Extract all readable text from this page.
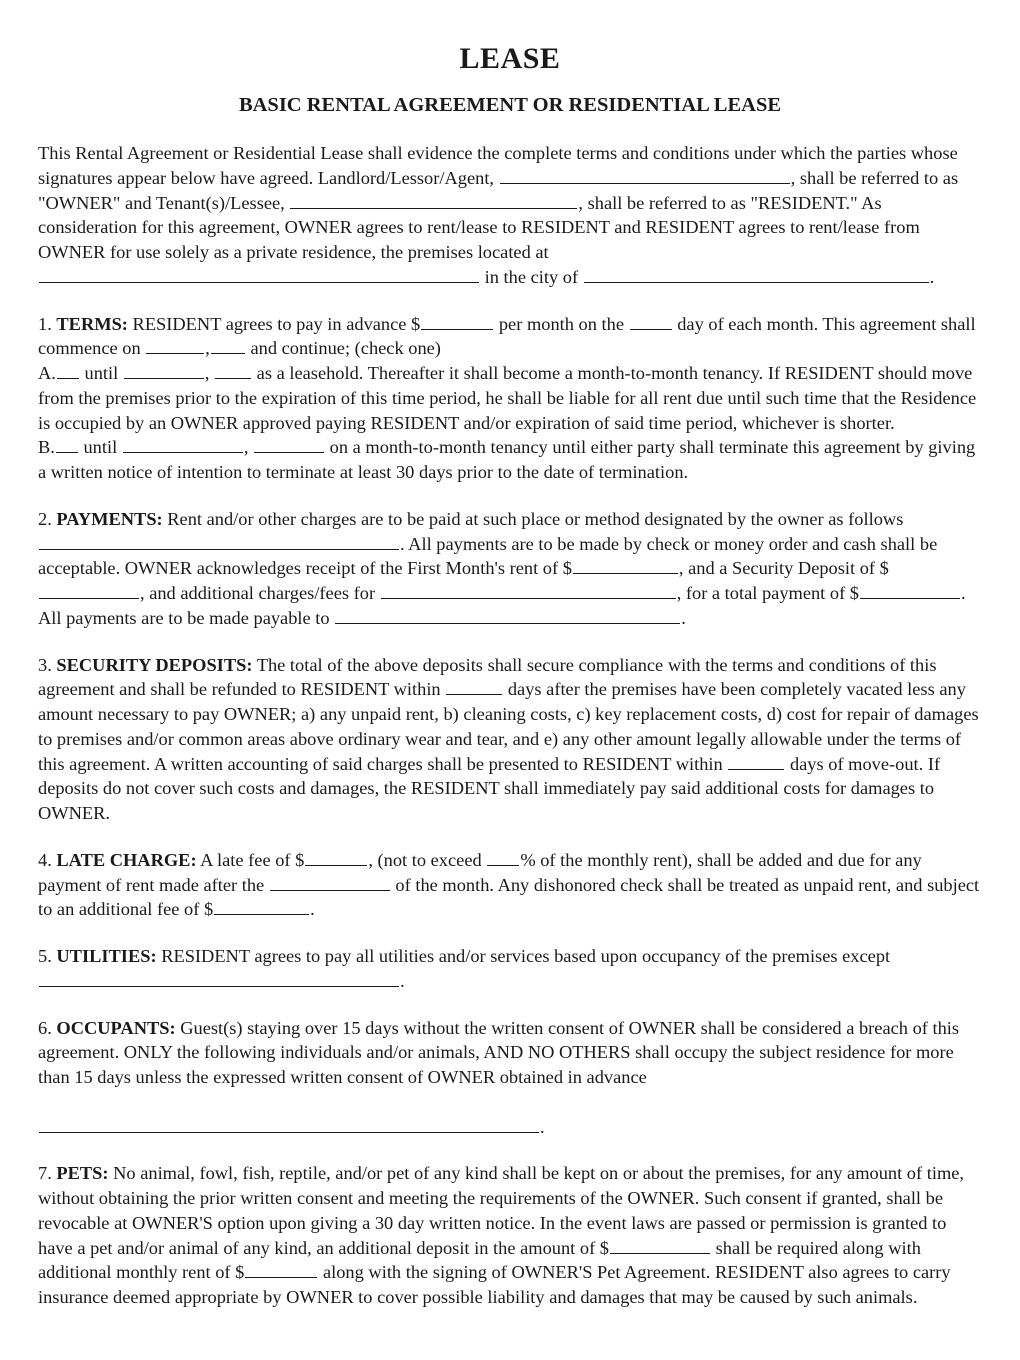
LEASE
BASIC RENTAL AGREEMENT OR RESIDENTIAL LEASE

This Rental Agreement or Residential Lease shall evidence the complete terms and conditions under which the parties whose signatures appear below have agreed. Landlord/Lessor/Agent,	, shall be referred to as "OWNER" and Tenant(s)/Lessee,	, shall be referred to as "RESIDENT." As consideration for this agreement, OWNER agrees to rent/lease to RESIDENT and RESIDENT agrees to rent/lease from OWNER for use solely as a private residence, the premises located at  in the city of	.

1. TERMS: RESIDENT agrees to pay in advance $	per month on the	day of each month. This agreement shall commence on	, and continue; (check one)
A. until	,	as a leasehold. Thereafter it shall become a month-to-month tenancy. If RESIDENT should move from the premises prior to the expiration of this time period, he shall be liable for all rent due until such time that the Residence is occupied by an OWNER approved paying RESIDENT and/or expiration of said time period, whichever is shorter.
B. until	,	on a month-to-month tenancy until either party shall terminate this agreement by giving a written notice of intention to terminate at least 30 days prior to the date of termination.

2. PAYMENTS: Rent and/or other charges are to be paid at such place or method designated by the owner as follows . All payments are to be made by check or money order and cash shall be acceptable. OWNER acknowledges receipt of the First Month's rent of $	, and a Security Deposit of $, and additional charges/fees for	, for a total payment of $	. All payments are to be made payable to	.

3. SECURITY DEPOSITS: The total of the above deposits shall secure compliance with the terms and conditions of this agreement and shall be refunded to RESIDENT within	days after the premises have been completely vacated less any amount necessary to pay OWNER; a) any unpaid rent, b) cleaning costs, c) key replacement costs, d) cost for repair of damages to premises and/or common areas above ordinary wear and tear, and e) any other amount legally allowable under the terms of this agreement. A written accounting of said charges shall be presented to RESIDENT within	days of move-out. If deposits do not cover such costs and damages, the RESIDENT shall immediately pay said additional costs for damages to OWNER.

4. LATE CHARGE: A late fee of $	, (not to exceed % of the monthly rent), shall be added and due for any payment of rent made after the	of the month. Any dishonored check shall be treated as unpaid rent, and subject to an additional fee of $	.

5. UTILITIES: RESIDENT agrees to pay all utilities and/or services based upon occupancy of the premises except
.

6. OCCUPANTS: Guest(s) staying over 15 days without the written consent of OWNER shall be considered a breach of this agreement. ONLY the following individuals and/or animals, AND NO OTHERS shall occupy the subject residence for more than 15 days unless the expressed written consent of OWNER obtained in advance

.

7. PETS: No animal, fowl, fish, reptile, and/or pet of any kind shall be kept on or about the premises, for any amount of time, without obtaining the prior written consent and meeting the requirements of the OWNER. Such consent if granted, shall be revocable at OWNER'S option upon giving a 30 day written notice. In the event laws are passed or permission is granted to have a pet and/or animal of any kind, an additional deposit in the amount of $	shall be required along with additional monthly rent of $	along with the signing of OWNER'S Pet Agreement. RESIDENT also agrees to carry insurance deemed appropriate by OWNER to cover possible liability and damages that may be caused by such animals.
